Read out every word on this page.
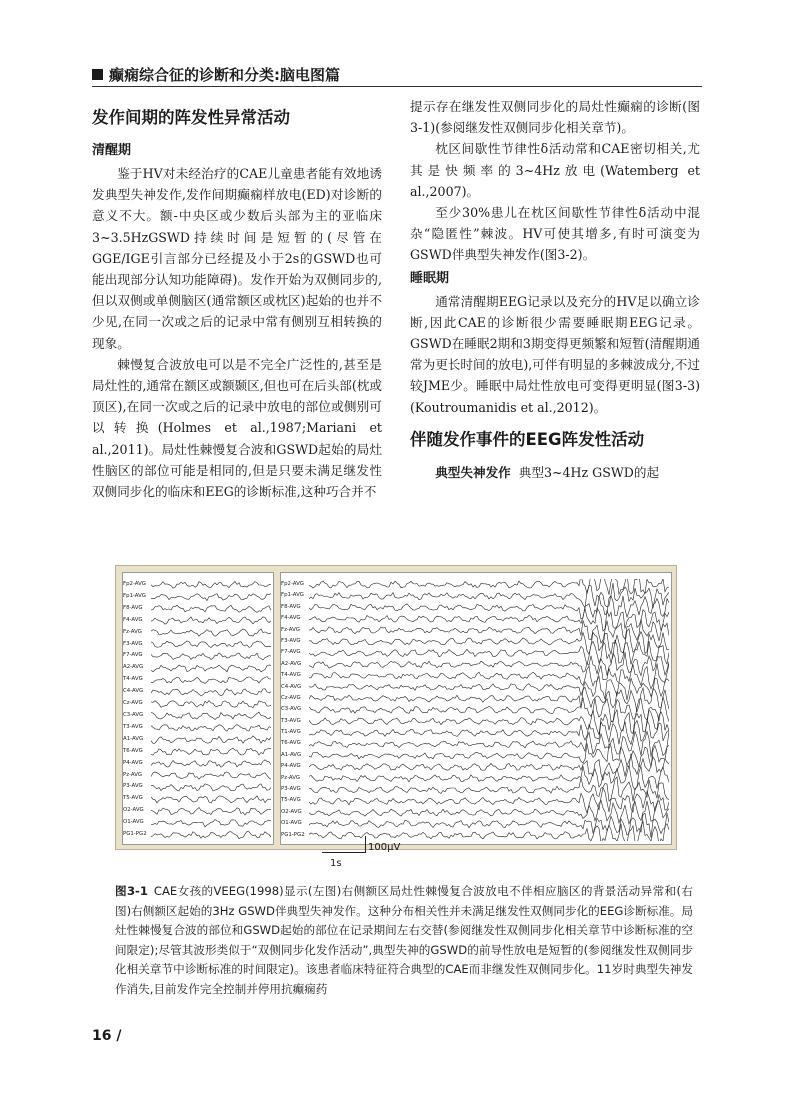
癫痫综合征的诊断和分类:脑电图篇
发作间期的阵发性异常活动
清醒期

鉴于HV对未经治疗的CAE儿童患者能有效地诱发典型失神发作,发作间期癫痫样放电(ED)对诊断的意义不大。额-中央区或少数后头部为主的亚临床3~3.5HzGSWD持续时间是短暂的(尽管在GGE/IGE引言部分已经提及小于2s的GSWD也可能出现部分认知功能障碍)。发作开始为双侧同步的,但以双侧或单侧脑区(通常额区或枕区)起始的也并不少见,在同一次或之后的记录中常有侧别互相转换的现象。

棘慢复合波放电可以是不完全广泛性的,甚至是局灶性的,通常在额区或额颞区,但也可在后头部(枕或顶区),在同一次或之后的记录中放电的部位或侧别可以转换(Holmes et al.,1987;Mariani et al.,2011)。局灶性棘慢复合波和GSWD起始的局灶性脑区的部位可能是相同的,但是只要未满足继发性双侧同步化的临床和EEG的诊断标准,这种巧合并不

提示存在继发性双侧同步化的局灶性癫痫的诊断(图3-1)(参阅继发性双侧同步化相关章节)。

枕区间歇性节律性δ活动常和CAE密切相关,尤其是快频率的3~4Hz放电(Watemberg et al.,2007)。

至少30%患儿在枕区间歇性节律性δ活动中混杂“隐匿性”棘波。HV可使其增多,有时可演变为GSWD伴典型失神发作(图3-2)。

睡眠期

通常清醒期EEG记录以及充分的HV足以确立诊断,因此CAE的诊断很少需要睡眠期EEG记录。GSWD在睡眠2期和3期变得更频繁和短暂(清醒期通常为更长时间的放电),可伴有明显的多棘波成分,不过较JME少。睡眠中局灶性放电可变得更明显(图3-3)(Koutroumanidis et al.,2012)。

伴随发作事件的EEG阵发性活动

典型失神发作 典型3~4Hz GSWD的起

Fp2-AVG
Fp1-AVG
F8-AVG
F4-AVG
Fz-AVG
F3-AVG
F7-AVG
A2-AVG
T4-AVG
C4-AVG
Cz-AVG
C3-AVG
T3-AVG
A1-AVG
T6-AVG
P4-AVG
Pz-AVG
P3-AVG
T5-AVG
O2-AVG
O1-AVG
PG1-PG2
Fp2-AVG
Fp1-AVG
F8-AVG
F4-AVG
Fz-AVG
F3-AVG
F7-AVG
A2-AVG
T4-AVG
C4-AVG
Cz-AVG
C3-AVG
T3-AVG
T1-AVG
T6-AVG
A1-AVG
P4-AVG
Pz-AVG
P3-AVG
T5-AVG
O2-AVG
O1-AVG
PG1-PG2
1s
100μV
图3-1 CAE女孩的VEEG(1998)显示(左图)右侧额区局灶性棘慢复合波放电不伴相应脑区的背景活动异常和(右图)右侧额区起始的3Hz GSWD伴典型失神发作。这种分布相关性并未满足继发性双侧同步化的EEG诊断标准。局灶性棘慢复合波的部位和GSWD起始的部位在记录期间左右交替(参阅继发性双侧同步化相关章节中诊断标准的空间限定);尽管其波形类似于“双侧同步化发作活动”,典型失神的GSWD的前导性放电是短暂的(参阅继发性双侧同步化相关章节中诊断标准的时间限定)。该患者临床特征符合典型的CAE而非继发性双侧同步化。11岁时典型失神发作消失,目前发作完全控制并停用抗癫痫药
16 /
